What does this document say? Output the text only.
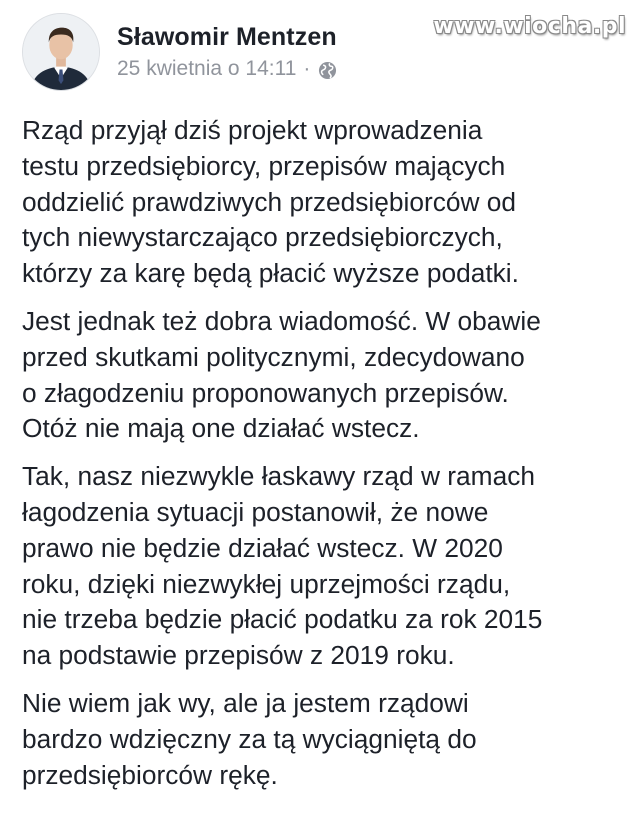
Sławomir Mentzen
25 kwietnia o 14:11 ·
www.wiocha.pl

Rząd przyjął dziś projekt wprowadzenia
testu przedsiębiorcy, przepisów mających
oddzielić prawdziwych przedsiębiorców od
tych niewystarczająco przedsiębiorczych,
którzy za karę będą płacić wyższe podatki.

Jest jednak też dobra wiadomość. W obawie
przed skutkami politycznymi, zdecydowano
o złagodzeniu proponowanych przepisów.
Otóż nie mają one działać wstecz.

Tak, nasz niezwykle łaskawy rząd w ramach
łagodzenia sytuacji postanowił, że nowe
prawo nie będzie działać wstecz. W 2020
roku, dzięki niezwykłej uprzejmości rządu,
nie trzeba będzie płacić podatku za rok 2015
na podstawie przepisów z 2019 roku.

Nie wiem jak wy, ale ja jestem rządowi
bardzo wdzięczny za tą wyciągniętą do
przedsiębiorców rękę.
